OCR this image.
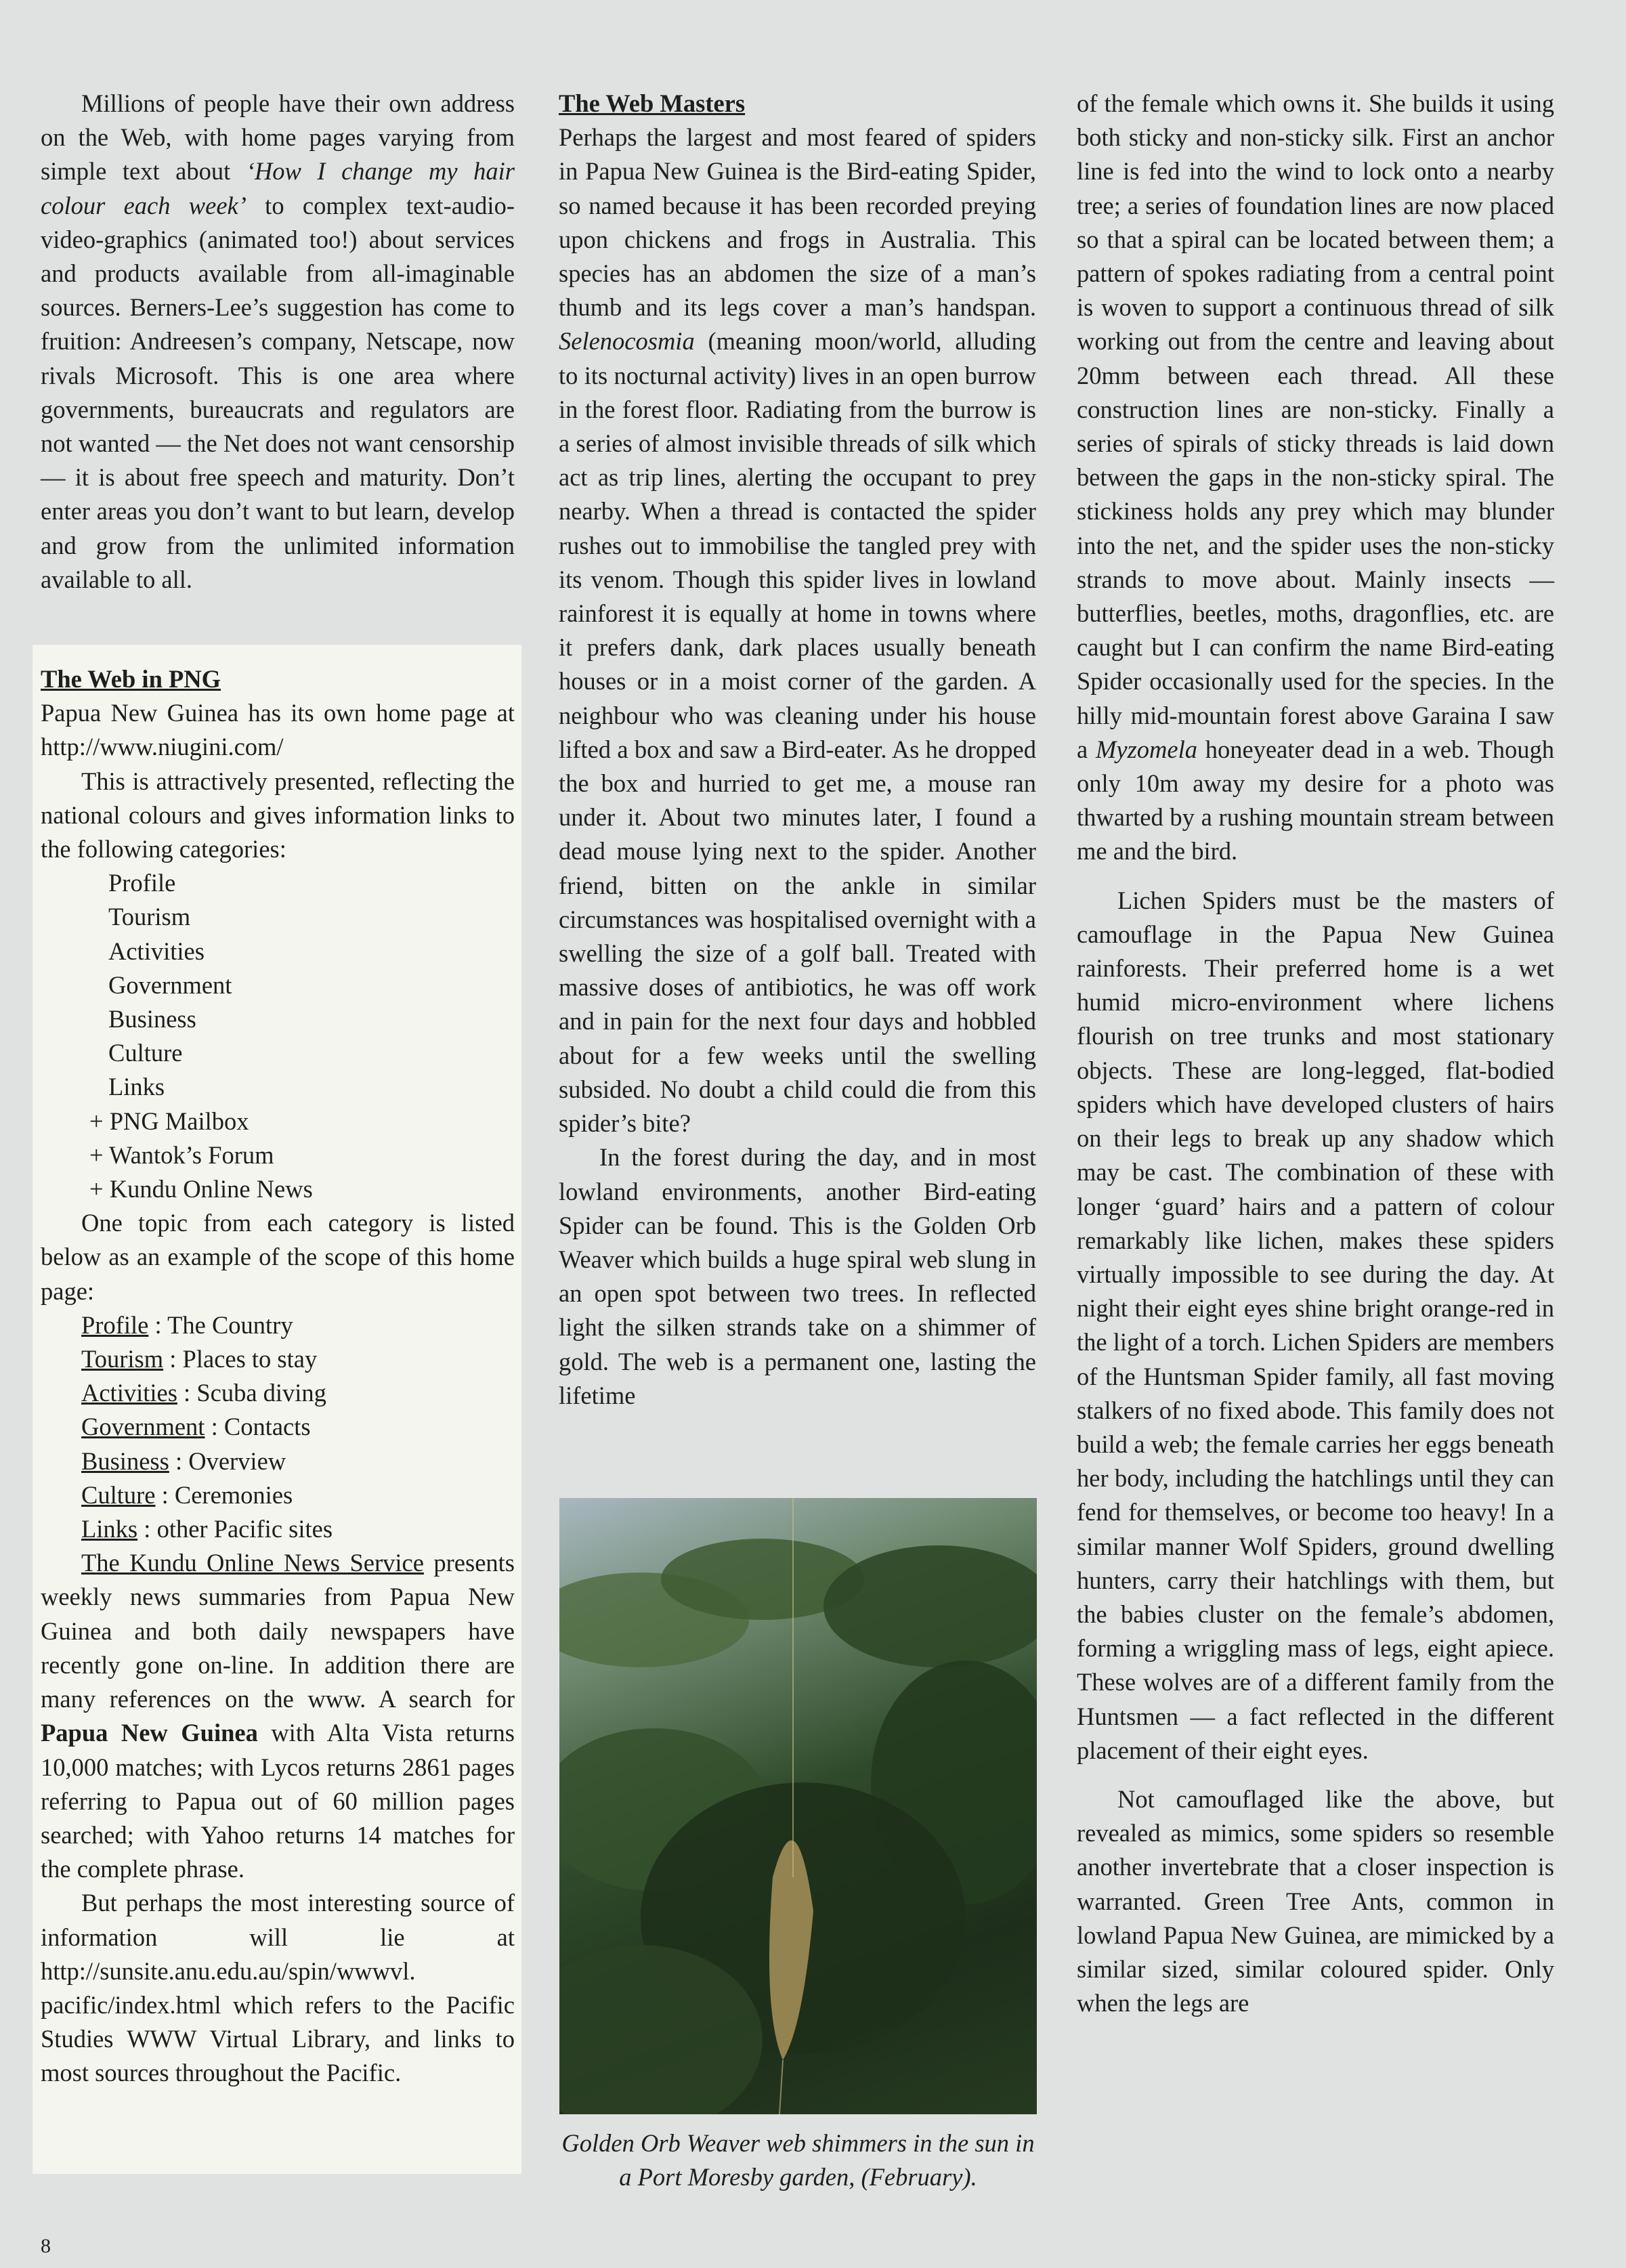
Millions of people have their own address on the Web, with home pages varying from simple text about ‘How I change my hair colour each week’ to complex text-audio-video-graphics (animated too!) about services and products available from all-imaginable sources. Berners-Lee’s suggestion has come to fruition: Andreesen’s company, Netscape, now rivals Microsoft. This is one area where governments, bureaucrats and regulators are not wanted — the Net does not want censorship — it is about free speech and maturity. Don’t enter areas you don’t want to but learn, develop and grow from the unlimited information available to all.

The Web in PNG

Papua New Guinea has its own home page at http://www.niugini.com/

This is attractively presented, reflecting the national colours and gives information links to the following categories:

Profile
Tourism
Activities
Government
Business
Culture
Links
+ PNG Mailbox
+ Wantok’s Forum
+ Kundu Online News

One topic from each category is listed below as an example of the scope of this home page:

Profile : The Country
Tourism : Places to stay
Activities : Scuba diving
Government : Contacts
Business : Overview
Culture : Ceremonies
Links : other Pacific sites

The Kundu Online News Service presents weekly news summaries from Papua New Guinea and both daily newspapers have recently gone on-line. In addition there are many references on the www. A search for Papua New Guinea with Alta Vista returns 10,000 matches; with Lycos returns 2861 pages referring to Papua out of 60 million pages searched; with Yahoo returns 14 matches for the complete phrase.

But perhaps the most interesting source of information will lie at http://sunsite.anu.edu.au/spin/wwwvl. pacific/index.html which refers to the Pacific Studies WWW Virtual Library, and links to most sources throughout the Pacific.

The Web Masters

Perhaps the largest and most feared of spiders in Papua New Guinea is the Bird-eating Spider, so named because it has been recorded preying upon chickens and frogs in Australia. This species has an abdomen the size of a man’s thumb and its legs cover a man’s handspan. Selenocosmia (meaning moon/world, alluding to its nocturnal activity) lives in an open burrow in the forest floor. Radiating from the burrow is a series of almost invisible threads of silk which act as trip lines, alerting the occupant to prey nearby. When a thread is contacted the spider rushes out to immobilise the tangled prey with its venom. Though this spider lives in lowland rainforest it is equally at home in towns where it prefers dank, dark places usually beneath houses or in a moist corner of the garden. A neighbour who was cleaning under his house lifted a box and saw a Bird-eater. As he dropped the box and hurried to get me, a mouse ran under it. About two minutes later, I found a dead mouse lying next to the spider. Another friend, bitten on the ankle in similar circumstances was hospitalised overnight with a swelling the size of a golf ball. Treated with massive doses of antibiotics, he was off work and in pain for the next four days and hobbled about for a few weeks until the swelling subsided. No doubt a child could die from this spider’s bite?

In the forest during the day, and in most lowland environments, another Bird-eating Spider can be found. This is the Golden Orb Weaver which builds a huge spiral web slung in an open spot between two trees. In reflected light the silken strands take on a shimmer of gold. The web is a permanent one, lasting the lifetime

Golden Orb Weaver web shimmers in the sun in a Port Moresby garden, (February).

of the female which owns it. She builds it using both sticky and non-sticky silk. First an anchor line is fed into the wind to lock onto a nearby tree; a series of foundation lines are now placed so that a spiral can be located between them; a pattern of spokes radiating from a central point is woven to support a continuous thread of silk working out from the centre and leaving about 20mm between each thread. All these construction lines are non-sticky. Finally a series of spirals of sticky threads is laid down between the gaps in the non-sticky spiral. The stickiness holds any prey which may blunder into the net, and the spider uses the non-sticky strands to move about. Mainly insects — butterflies, beetles, moths, dragonflies, etc. are caught but I can confirm the name Bird-eating Spider occasionally used for the species. In the hilly mid-mountain forest above Garaina I saw a Myzomela honeyeater dead in a web. Though only 10m away my desire for a photo was thwarted by a rushing mountain stream between me and the bird.

Lichen Spiders must be the masters of camouflage in the Papua New Guinea rainforests. Their preferred home is a wet humid micro-environment where lichens flourish on tree trunks and most stationary objects. These are long-legged, flat-bodied spiders which have developed clusters of hairs on their legs to break up any shadow which may be cast. The combination of these with longer ‘guard’ hairs and a pattern of colour remarkably like lichen, makes these spiders virtually impossible to see during the day. At night their eight eyes shine bright orange-red in the light of a torch. Lichen Spiders are members of the Huntsman Spider family, all fast moving stalkers of no fixed abode. This family does not build a web; the female carries her eggs beneath her body, including the hatchlings until they can fend for themselves, or become too heavy! In a similar manner Wolf Spiders, ground dwelling hunters, carry their hatchlings with them, but the babies cluster on the female’s abdomen, forming a wriggling mass of legs, eight apiece. These wolves are of a different family from the Huntsmen — a fact reflected in the different placement of their eight eyes.

Not camouflaged like the above, but revealed as mimics, some spiders so resemble another invertebrate that a closer inspection is warranted. Green Tree Ants, common in lowland Papua New Guinea, are mimicked by a similar sized, similar coloured spider. Only when the legs are

8
